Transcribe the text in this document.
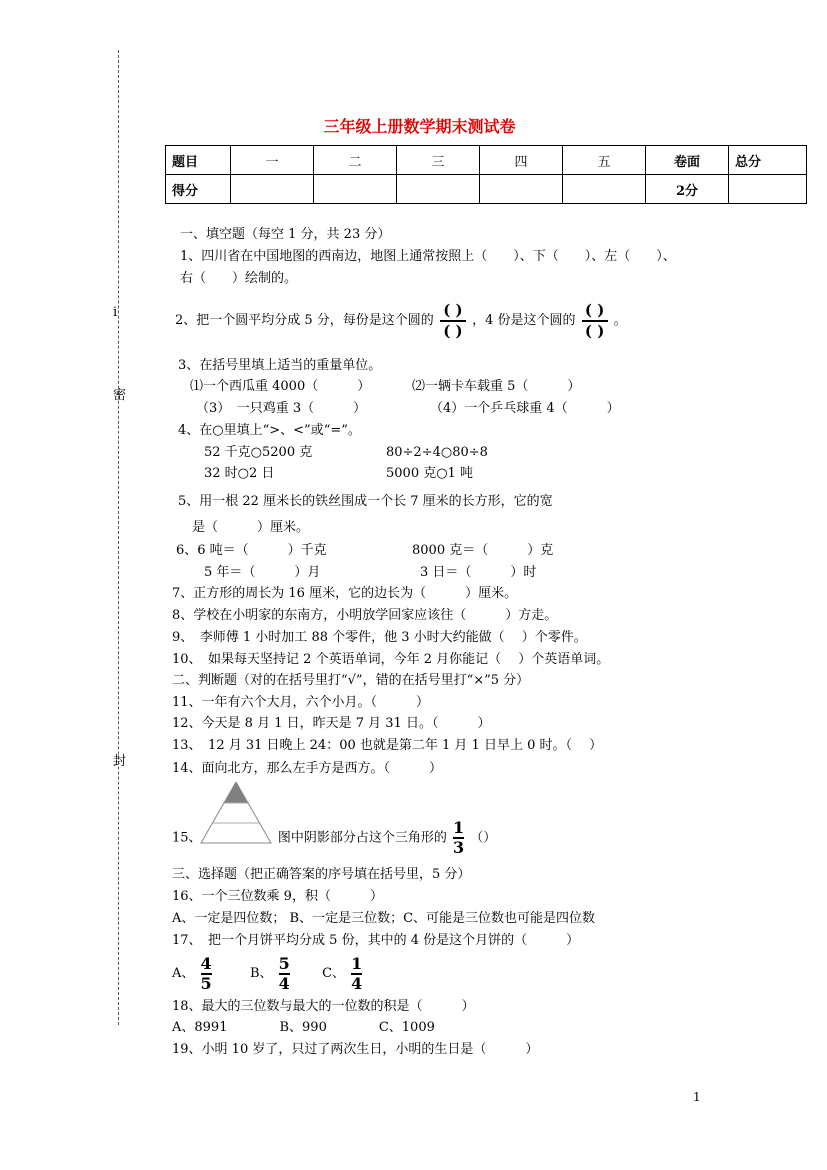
i
密
封
三年级上册数学期末测试卷
题目	一	二	三	四	五	卷面	总分
得分						2分	
一、填空题（每空 1 分，共 23 分）
1、四川省在中国地图的西南边，地图上通常按照上（　　）、下（　　）、左（　　）、
右（　　）绘制的。
2、把一个圆平均分成 5 分，每份是这个圆的 $\frac{( )}{( )}$ ，4 份是这个圆的 $\frac{( )}{( )}$ 。
3、在括号里填上适当的重量单位。
⑴一个西瓜重 4000（　　　）	⑵一辆卡车载重 5（　　　）
（3）　一只鸡重 3（　　　）	（4）一个乒乓球重 4（　　　）
4、在○里填上“>、<”或“=”。
52 千克○5200 克	80÷2÷4○80÷8
32 时○2 日	5000 克○1 吨
5、用一根 22 厘米长的铁丝围成一个长 7 厘米的长方形，它的宽
是（　　　）厘米。
6、6 吨＝（　　　）千克	8000 克＝（　　　）克
5 年＝（　　　）月	3 日＝（　　　）时
7、正方形的周长为 16 厘米，它的边长为（　　　）厘米。
8、学校在小明家的东南方，小明放学回家应该往（　　　）方走。
9、　李师傅 1 小时加工 88 个零件，他 3 小时大约能做（　 ）个零件。
10、　如果每天坚持记 2 个英语单词，今年 2 月你能记（　 ）个英语单词。
二、判断题（对的在括号里打“√”，错的在括号里打“×”5 分）
11、一年有六个大月，六个小月。（　　　）
12、今天是 8 月 1 日，昨天是 7 月 31 日。（　　　）
13、　12 月 31 日晚上 24：00 也就是第二年 1 月 1 日早上 0 时。（　 ）
14、面向北方，那么左手方是西方。（　　　）
15、	图中阴影部分占这个三角形的 $\frac{1}{3}$ （）
三、选择题（把正确答案的序号填在括号里，5 分）
16、一个三位数乘 9，积（　　　）
A、一定是四位数； B、一定是三位数；C、可能是三位数也可能是四位数
17、　把一个月饼平均分成 5 份，其中的 4 份是这个月饼的（　　　）
A、 $\frac{4}{5}$	B、 $\frac{5}{4}$ C、 $\frac{1}{4}$
18、最大的三位数与最大的一位数的积是（　　　）
A、8991　　　　B、990　　　　C、1009
19、小明 10 岁了，只过了两次生日，小明的生日是（　　　）
1
